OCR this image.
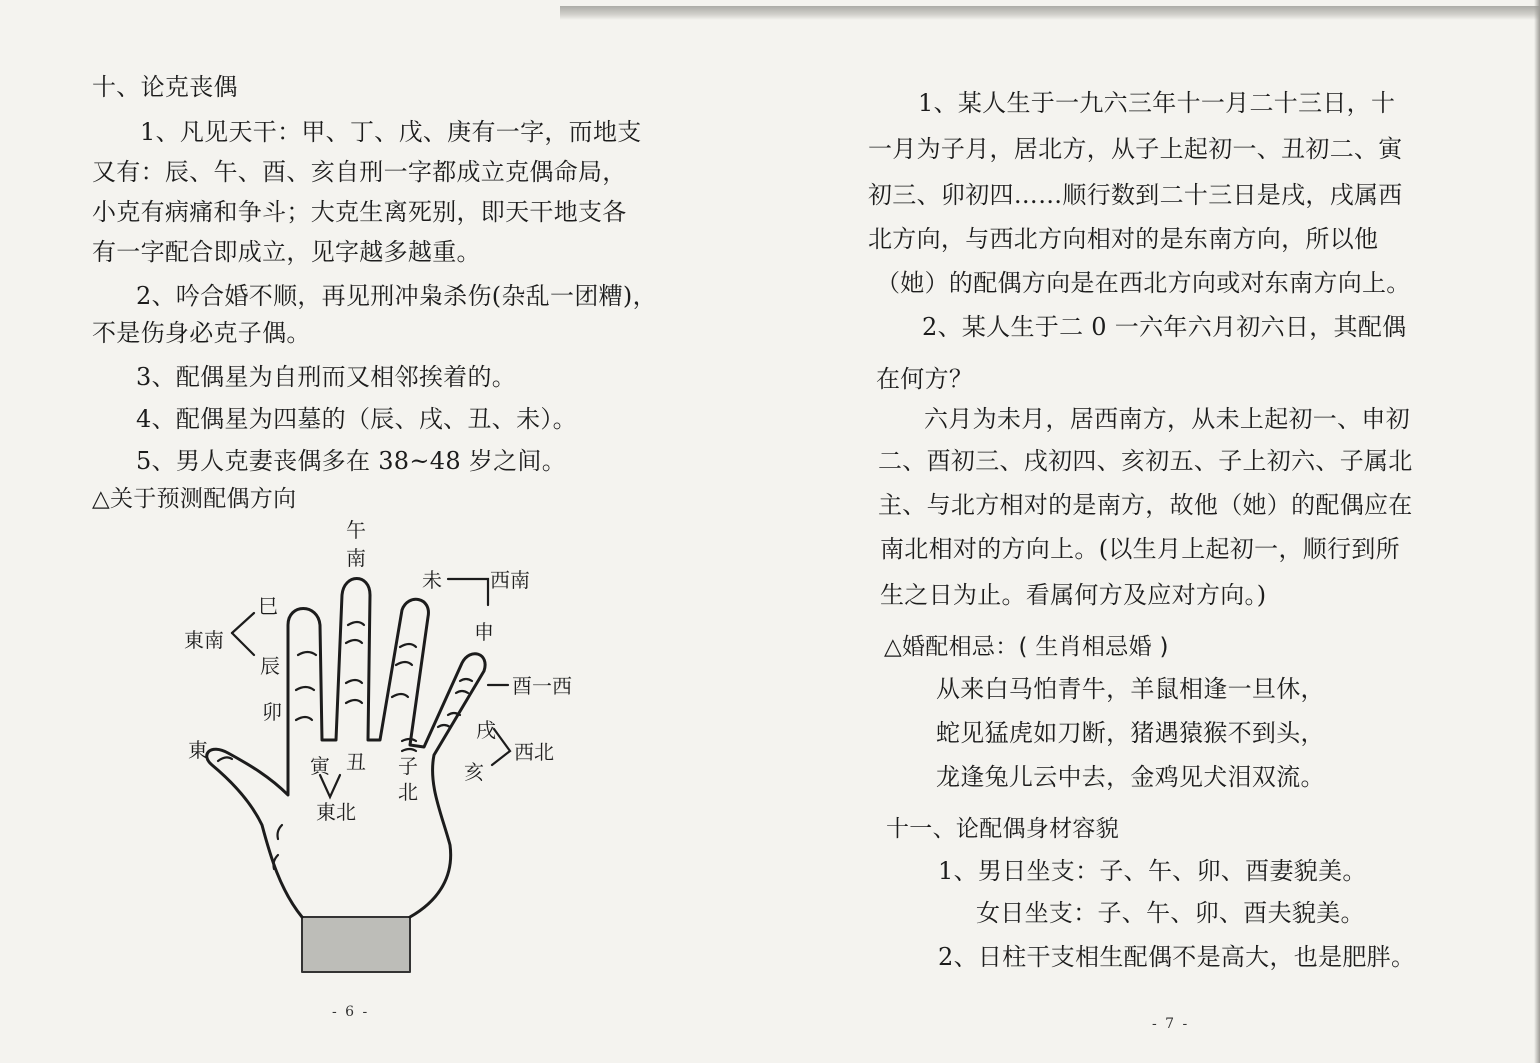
十、论克丧偶
1、凡见天干：甲、丁、戊、庚有一字，而地支
又有：辰、午、酉、亥自刑一字都成立克偶命局，
小克有病痛和争斗；大克生离死别，即天干地支各
有一字配合即成立，见字越多越重。
2、吟合婚不顺，再见刑冲枭杀伤(杂乱一团糟)，
不是伤身必克子偶。
3、配偶星为自刑而又相邻挨着的。
4、配偶星为四墓的（辰、戌、丑、未）。
5、男人克妻丧偶多在 38~48 岁之间。
△关于预测配偶方向
午
南
未 西南
巳
東南
辰
申
酉一西
卯
戌
西北
東
寅 丑 子
北
亥
東北
- 6 -
1、某人生于一九六三年十一月二十三日，十
一月为子月，居北方，从子上起初一、丑初二、寅
初三、卯初四……顺行数到二十三日是戌，戌属西
北方向，与西北方向相对的是东南方向，所以他
（她）的配偶方向是在西北方向或对东南方向上。
2、某人生于二 0 一六年六月初六日，其配偶
在何方？
六月为未月，居西南方，从未上起初一、申初
二、酉初三、戌初四、亥初五、子上初六、子属北
主、与北方相对的是南方，故他（她）的配偶应在
南北相对的方向上。(以生月上起初一，顺行到所
生之日为止。看属何方及应对方向。)
△婚配相忌：( 生肖相忌婚 )
从来白马怕青牛，羊鼠相逢一旦休，
蛇见猛虎如刀断，猪遇猿猴不到头，
龙逢兔儿云中去，金鸡见犬泪双流。
十一、论配偶身材容貌
1、男日坐支：子、午、卯、酉妻貌美。
女日坐支：子、午、卯、酉夫貌美。
2、日柱干支相生配偶不是高大，也是肥胖。
- 7 -
